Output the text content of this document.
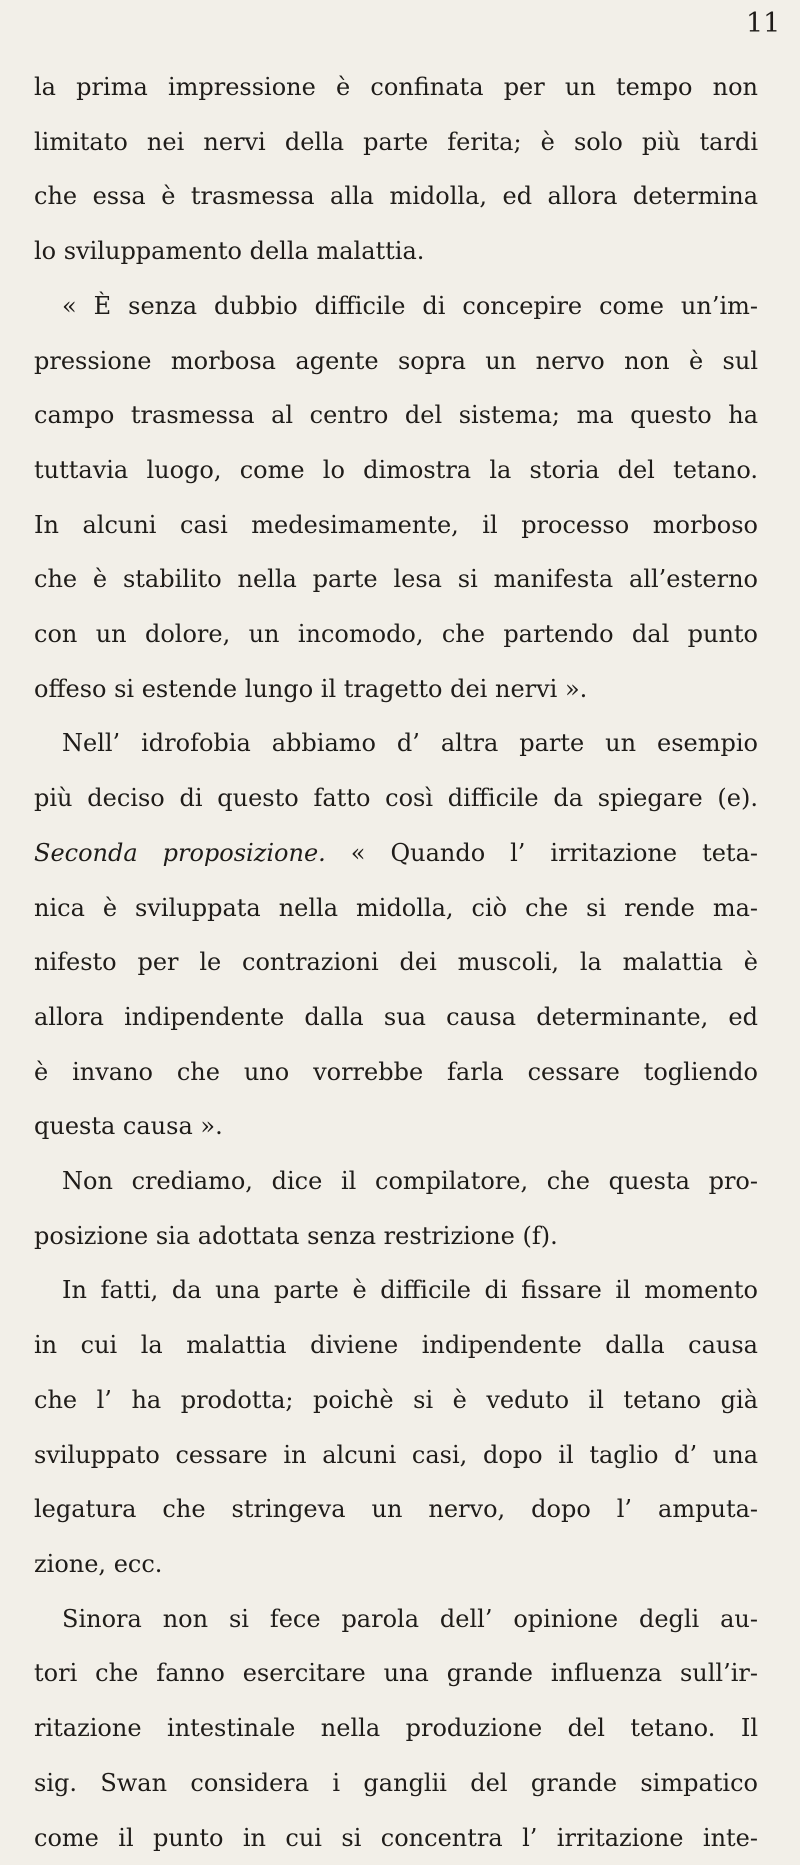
11
la prima impressione è confinata per un tempo non
limitato nei nervi della parte ferita; è solo più tardi
che essa è trasmessa alla midolla, ed allora determina
lo sviluppamento della malattia.
« È senza dubbio difficile di concepire come un’im-
pressione morbosa agente sopra un nervo non è sul
campo trasmessa al centro del sistema; ma questo ha
tuttavia luogo, come lo dimostra la storia del tetano.
In alcuni casi medesimamente, il processo morboso
che è stabilito nella parte lesa si manifesta all’esterno
con un dolore, un incomodo, che partendo dal punto
offeso si estende lungo il tragetto dei nervi ».
Nell’ idrofobia abbiamo d’ altra parte un esempio
più deciso di questo fatto così difficile da spiegare (e).
Seconda proposizione. « Quando l’ irritazione teta-
nica è sviluppata nella midolla, ciò che si rende ma-
nifesto per le contrazioni dei muscoli, la malattia è
allora indipendente dalla sua causa determinante, ed
è invano che uno vorrebbe farla cessare togliendo
questa causa ».
Non crediamo, dice il compilatore, che questa pro-
posizione sia adottata senza restrizione (f).
In fatti, da una parte è difficile di fissare il momento
in cui la malattia diviene indipendente dalla causa
che l’ ha prodotta; poichè si è veduto il tetano già
sviluppato cessare in alcuni casi, dopo il taglio d’ una
legatura che stringeva un nervo, dopo l’ amputa-
zione, ecc.
Sinora non si fece parola dell’ opinione degli au-
tori che fanno esercitare una grande influenza sull’ir-
ritazione intestinale nella produzione del tetano. Il
sig. Swan considera i ganglii del grande simpatico
come il punto in cui si concentra l’ irritazione inte-
